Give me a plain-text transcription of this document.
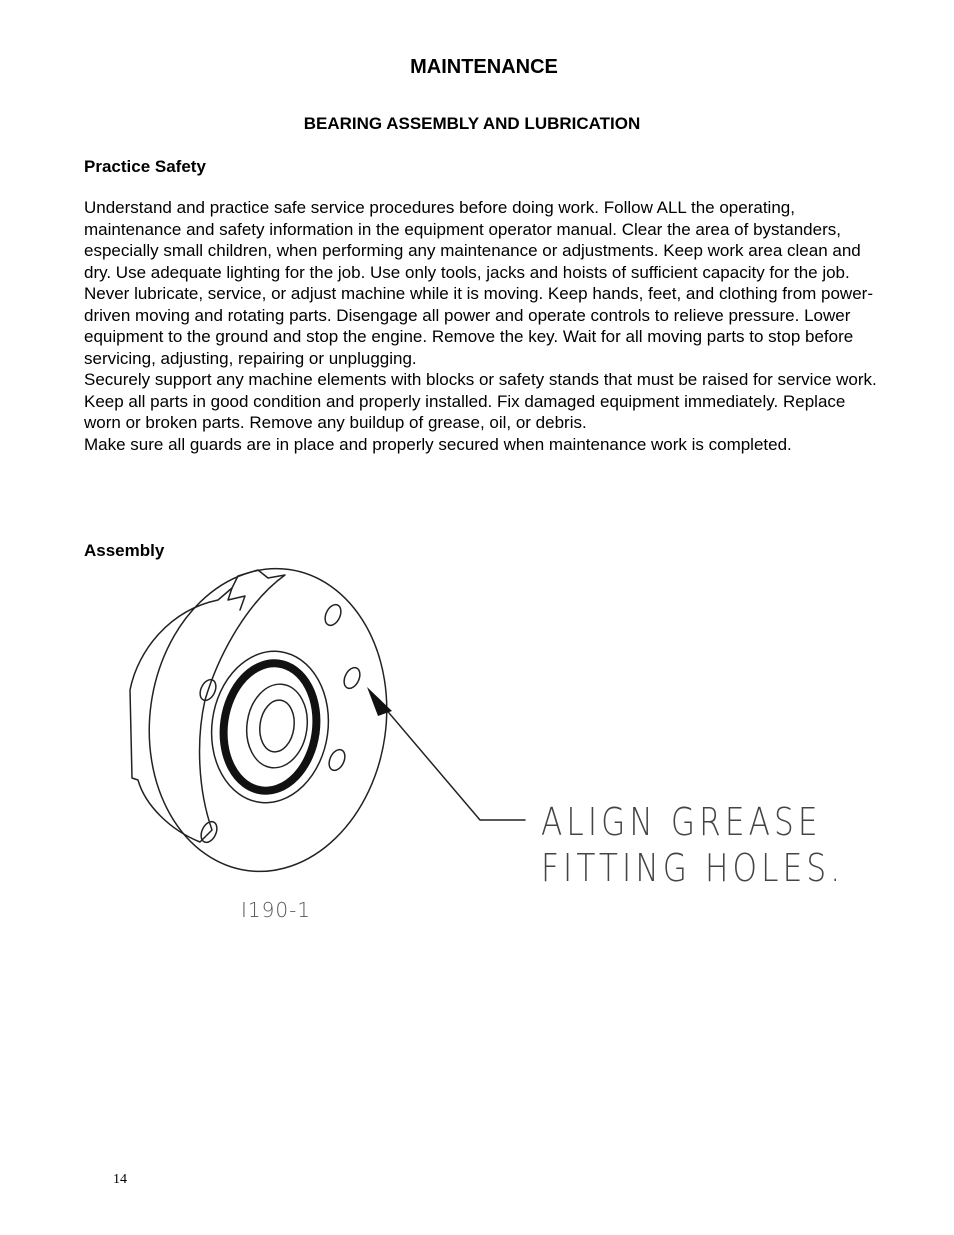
MAINTENANCE
BEARING ASSEMBLY AND LUBRICATION
Practice Safety

Understand and practice safe service procedures before doing work. Follow ALL the operating, maintenance and safety information in the equipment operator manual. Clear the area of bystanders, especially small children, when performing any maintenance or adjustments. Keep work area clean and dry. Use adequate lighting for the job. Use only tools, jacks and hoists of sufficient capacity for the job.

Never lubricate, service, or adjust machine while it is moving. Keep hands, feet, and clothing from power-driven moving and rotating parts. Disengage all power and operate controls to relieve pressure. Lower equipment to the ground and stop the engine. Remove the key. Wait for all moving parts to stop before servicing, adjusting, repairing or unplugging.

Securely support any machine elements with blocks or safety stands that must be raised for service work.

Keep all parts in good condition and properly installed. Fix damaged equipment immediately. Replace worn or broken parts. Remove any buildup of grease, oil, or debris.

Make sure all guards are in place and properly secured when maintenance work is completed.

Assembly

ALIGN GREASE

FITTING HOLES.

I190-1

14
